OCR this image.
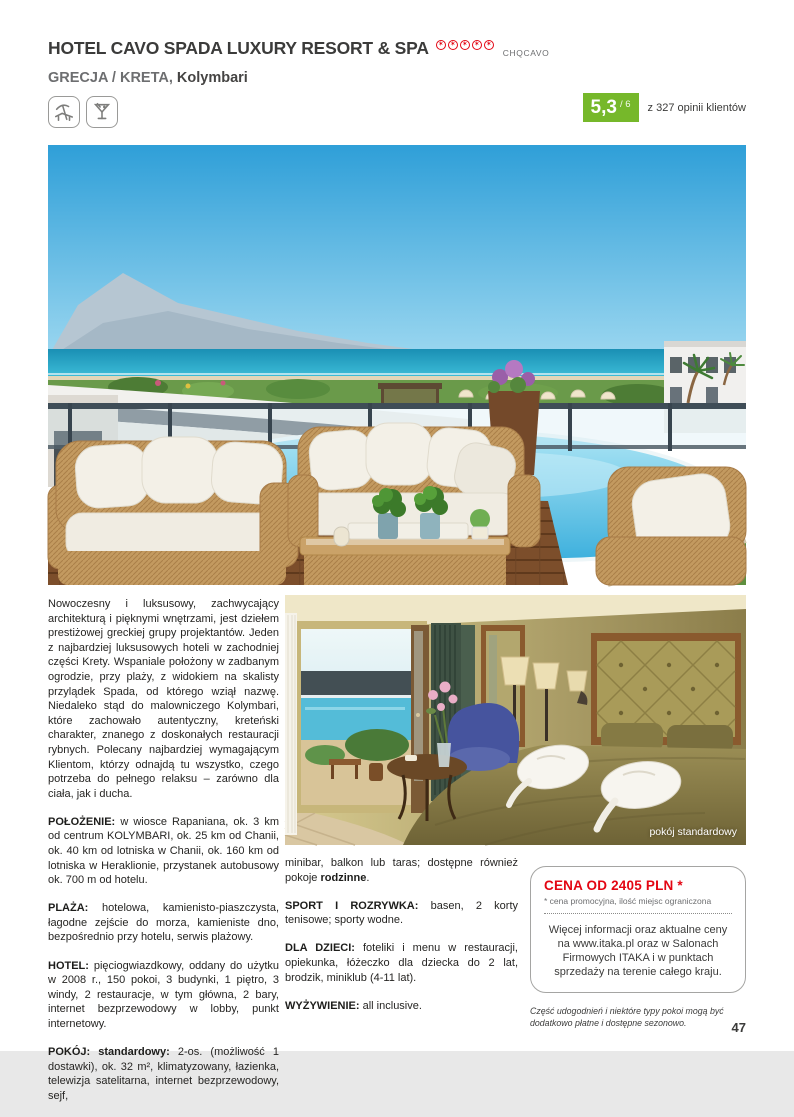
HOTEL CAVO SPADA LUXURY RESORT & SPA
✶
✶
✶
✶
✶	CHQCAVO
GRECJA / KRETA, Kolymbari
5,3 / 6 z 327 opinii klientów
pokój standardowy

Nowoczesny i luksusowy, zachwycający architekturą i pięknymi wnętrzami, jest dziełem prestiżowej greckiej grupy projektantów. Jeden z najbardziej luksusowych hoteli w zachodniej części Krety. Wspaniale położony w zadbanym ogrodzie, przy plaży, z widokiem na skalisty przylądek Spada, od którego wziął nazwę. Niedaleko stąd do malowniczego Kolymbari, które zachowało autentyczny, kreteński charakter, znanego z doskonałych restauracji rybnych. Polecany najbardziej wymagającym Klientom, którzy odnajdą tu wszystko, czego potrzeba do pełnego relaksu – zarówno dla ciała, jak i ducha.

POŁOŻENIE: w wiosce Rapaniana, ok. 3 km od centrum KOLYMBARI, ok. 25 km od Chanii, ok. 40 km od lotniska w Chanii, ok. 160 km od lotniska w Heraklionie, przystanek autobusowy ok. 700 m od hotelu.

PLAŻA: hotelowa, kamienisto-piaszczysta, łagodne zejście do morza, kamieniste dno, bezpośrednio przy hotelu, serwis plażowy.

HOTEL: pięciogwiazdkowy, oddany do użytku w 2008 r., 150 pokoi, 3 budynki, 1 piętro, 3 windy, 2 restauracje, w tym główna, 2 bary, internet bezprzewodowy w lobby, punkt internetowy.

POKÓJ: standardowy: 2-os. (możliwość 1 dostawki), ok. 32 m², klimatyzowany, łazienka, telewizja satelitarna, internet bezprzewodowy, sejf,

minibar, balkon lub taras; dostępne również pokoje rodzinne.

SPORT I ROZRYWKA: basen, 2 korty tenisowe; sporty wodne.

DLA DZIECI: foteliki i menu w restauracji, opiekunka, łóżeczko dla dziecka do 2 lat, brodzik, miniklub (4-11 lat).

WYŻYWIENIE: all inclusive.

CENA OD 2405 PLN *
* cena promocyjna, ilość miejsc ograniczona
Więcej informacji oraz aktualne ceny na www.itaka.pl oraz w Salonach Firmowych ITAKA i w punktach sprzedaży na terenie całego kraju.
Część udogodnień i niektóre typy pokoi mogą być dodatkowo płatne i dostępne sezonowo.	47
